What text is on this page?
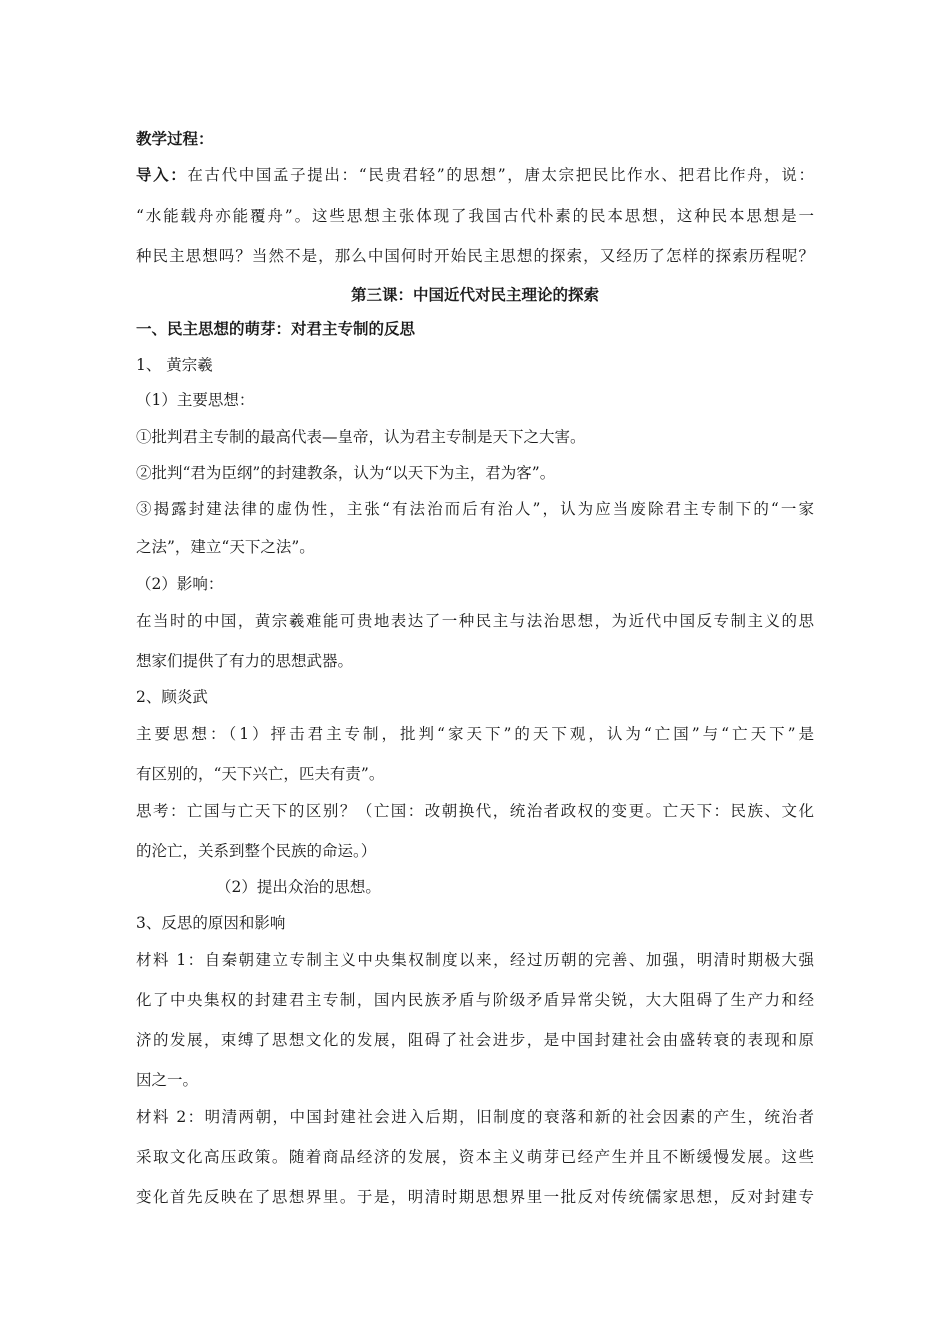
教学过程：
导入：在古代中国孟子提出：“民贵君轻”的思想”，唐太宗把民比作水、把君比作舟，说：
“水能载舟亦能覆舟”。这些思想主张体现了我国古代朴素的民本思想，这种民本思想是一
种民主思想吗？当然不是，那么中国何时开始民主思想的探索，又经历了怎样的探索历程呢？
第三课：中国近代对民主理论的探索
一、民主思想的萌芽：对君主专制的反思
1、 黄宗羲
（1）主要思想：
①批判君主专制的最高代表—皇帝，认为君主专制是天下之大害。
②批判“君为臣纲”的封建教条，认为“以天下为主，君为客”。
③揭露封建法律的虚伪性，主张“有法治而后有治人”，认为应当废除君主专制下的“一家
之法”，建立“天下之法”。
（2）影响：
在当时的中国，黄宗羲难能可贵地表达了一种民主与法治思想，为近代中国反专制主义的思
想家们提供了有力的思想武器。
2、顾炎武
主要思想：（1）抨击君主专制，批判“家天下”的天下观，认为“亡国”与“亡天下”是
有区别的，“天下兴亡，匹夫有责”。
思考：亡国与亡天下的区别？（亡国：改朝换代，统治者政权的变更。亡天下：民族、文化
的沦亡，关系到整个民族的命运。）
（2）提出众治的思想。
3、反思的原因和影响
材料 1：自秦朝建立专制主义中央集权制度以来，经过历朝的完善、加强，明清时期极大强
化了中央集权的封建君主专制，国内民族矛盾与阶级矛盾异常尖锐，大大阻碍了生产力和经
济的发展，束缚了思想文化的发展，阻碍了社会进步，是中国封建社会由盛转衰的表现和原
因之一。
材料 2：明清两朝，中国封建社会进入后期，旧制度的衰落和新的社会因素的产生，统治者
采取文化高压政策。随着商品经济的发展，资本主义萌芽已经产生并且不断缓慢发展。这些
变化首先反映在了思想界里。于是，明清时期思想界里一批反对传统儒家思想，反对封建专
